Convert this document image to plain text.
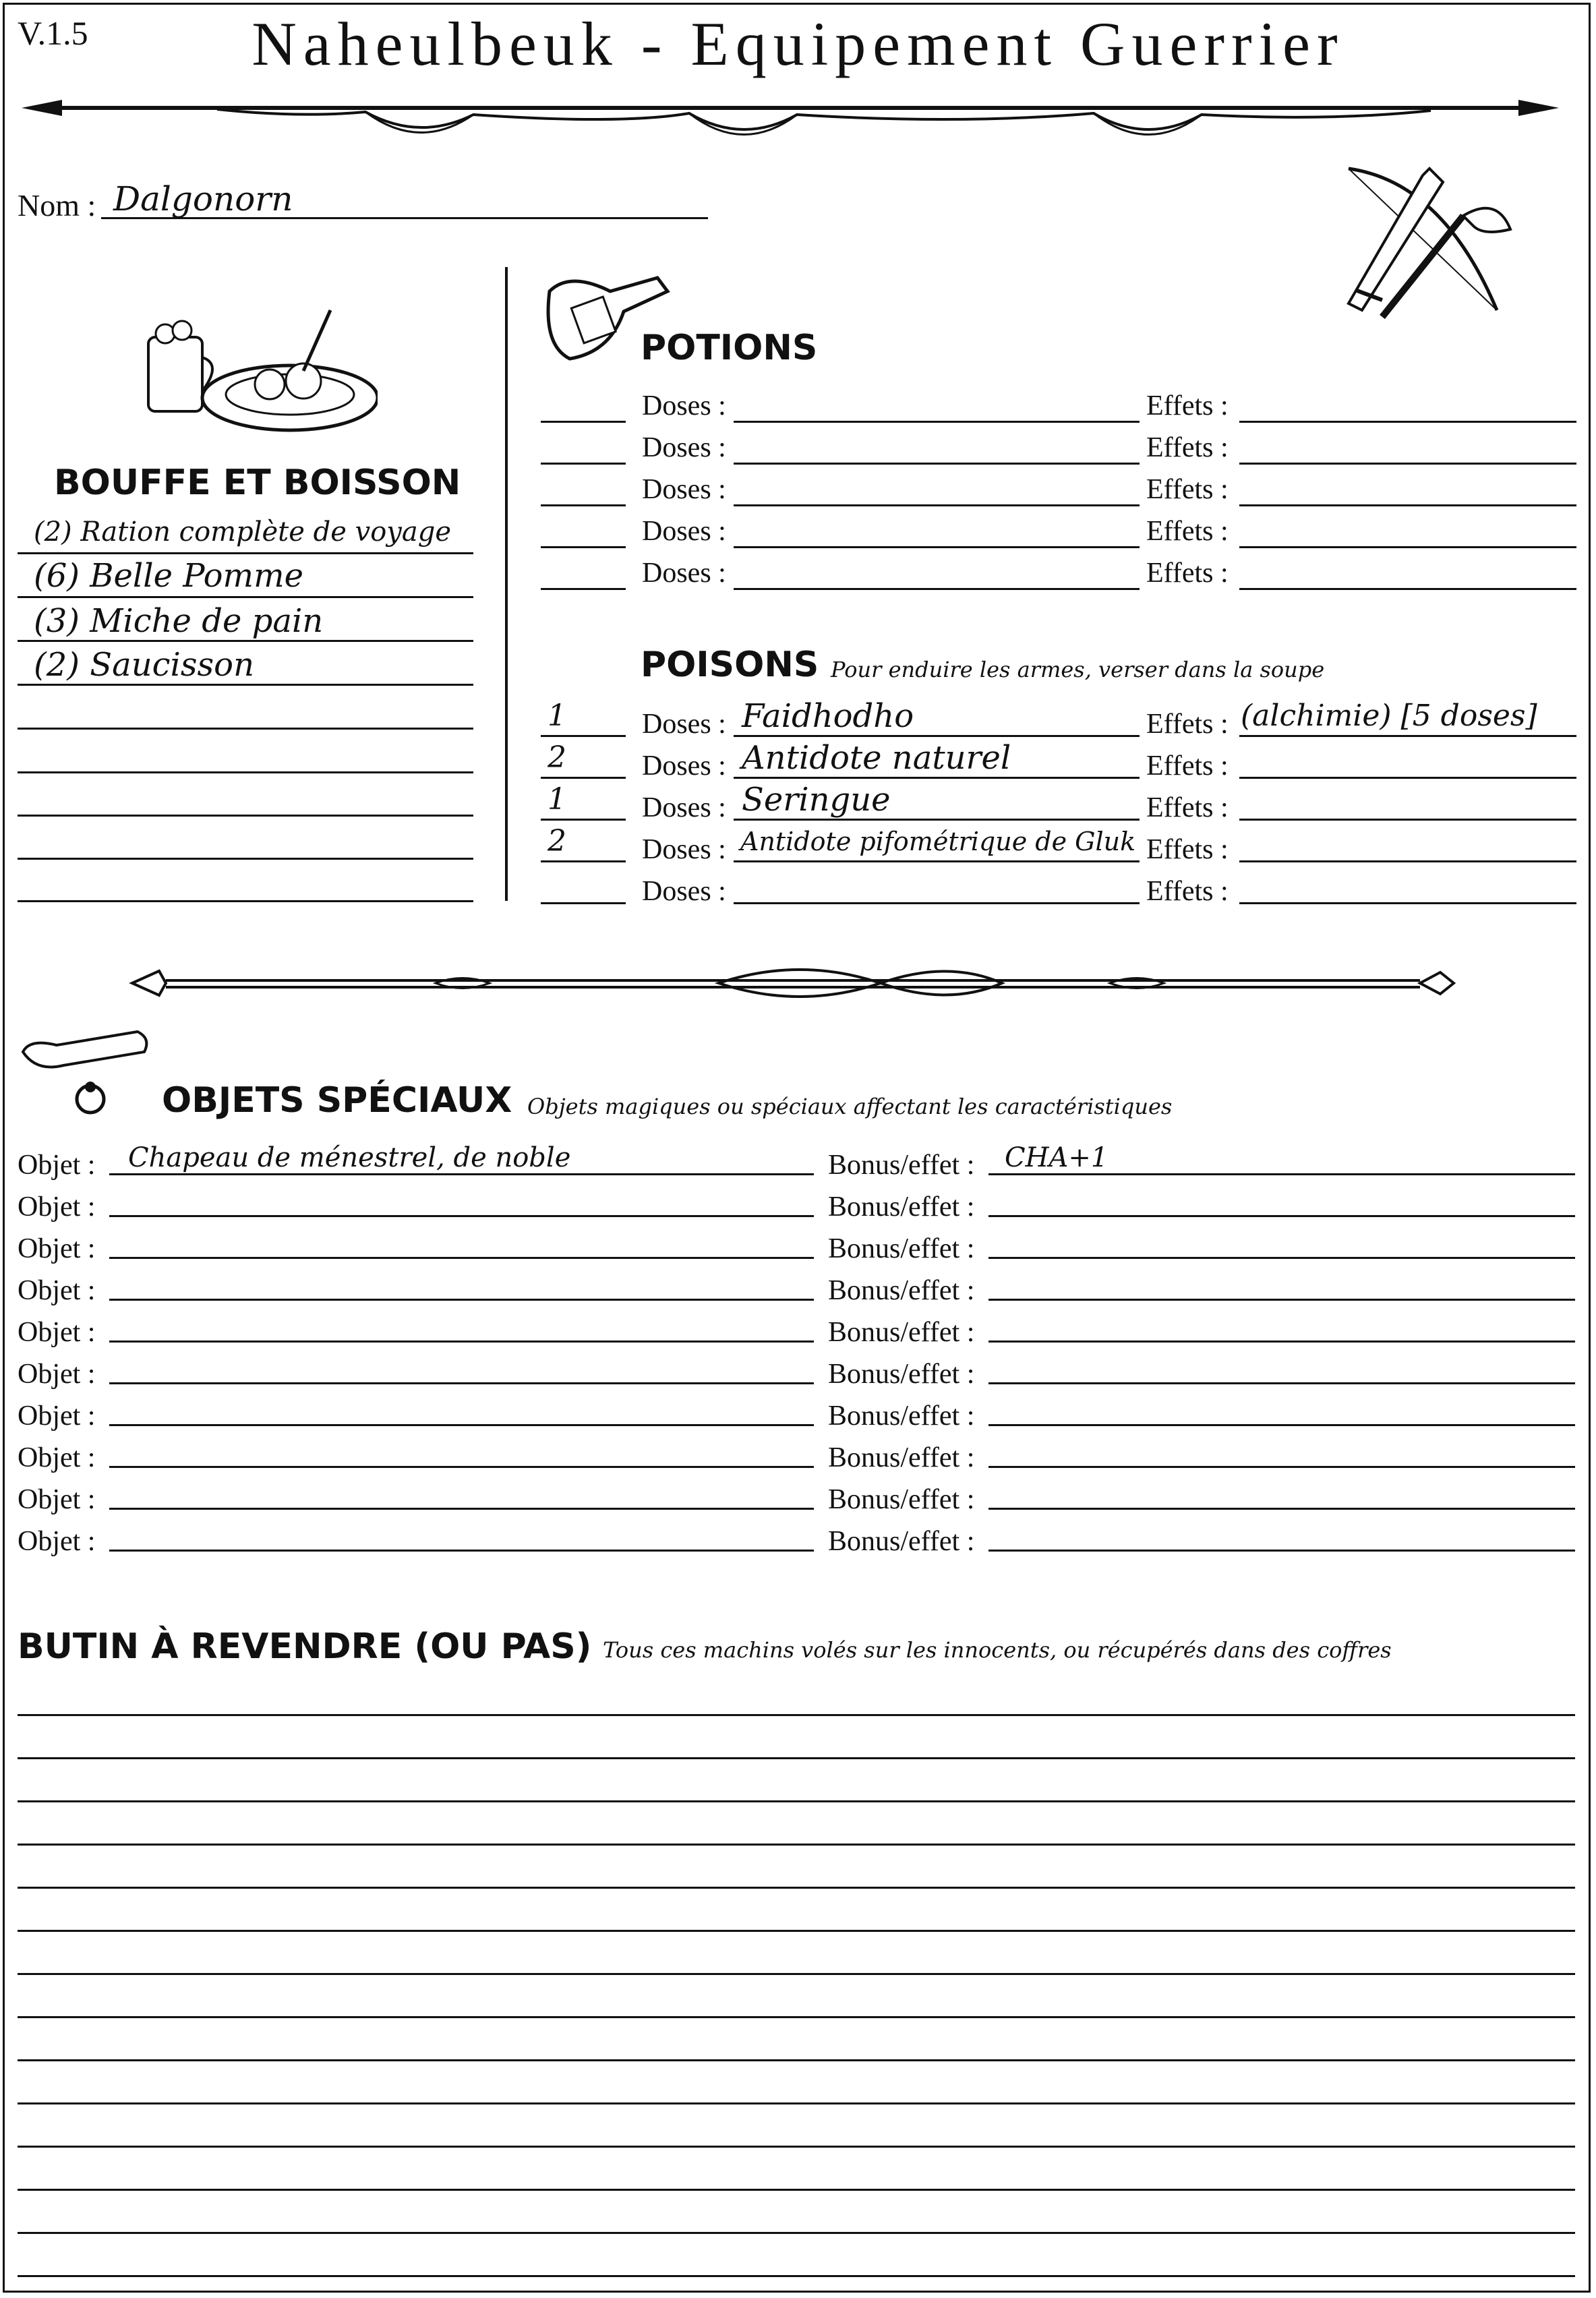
V.1.5	Naheulbeuk - Equipement Guerrier
Nom : Dalgonorn
BOUFFE ET BOISSON
(2) Ration complète de voyage
(6) Belle Pomme
(3) Miche de pain
(2) Saucisson
POTIONS
Doses :	Effets :
Doses :	Effets :
Doses :	Effets :
Doses :	Effets :
Doses :	Effets :
POISONS Pour enduire les armes, verser dans la soupe
1	Doses : Faidhodho	Effets : (alchimie) [5 doses]
2	Doses : Antidote naturel	Effets :
1	Doses : Seringue	Effets :
2	Doses : Antidote pifométrique de Gluk Effets :
Doses :	Effets :
OBJETS SPÉCIAUX Objets magiques ou spéciaux affectant les caractéristiques
Objet : Chapeau de ménestrel, de noble	Bonus/effet : CHA+1
Objet :	Bonus/effet :
Objet :	Bonus/effet :
Objet :	Bonus/effet :
Objet :	Bonus/effet :
Objet :	Bonus/effet :
Objet :	Bonus/effet :
Objet :	Bonus/effet :
Objet :	Bonus/effet :
Objet :	Bonus/effet :
BUTIN À REVENDRE (OU PAS) Tous ces machins volés sur les innocents, ou récupérés dans des coffres
